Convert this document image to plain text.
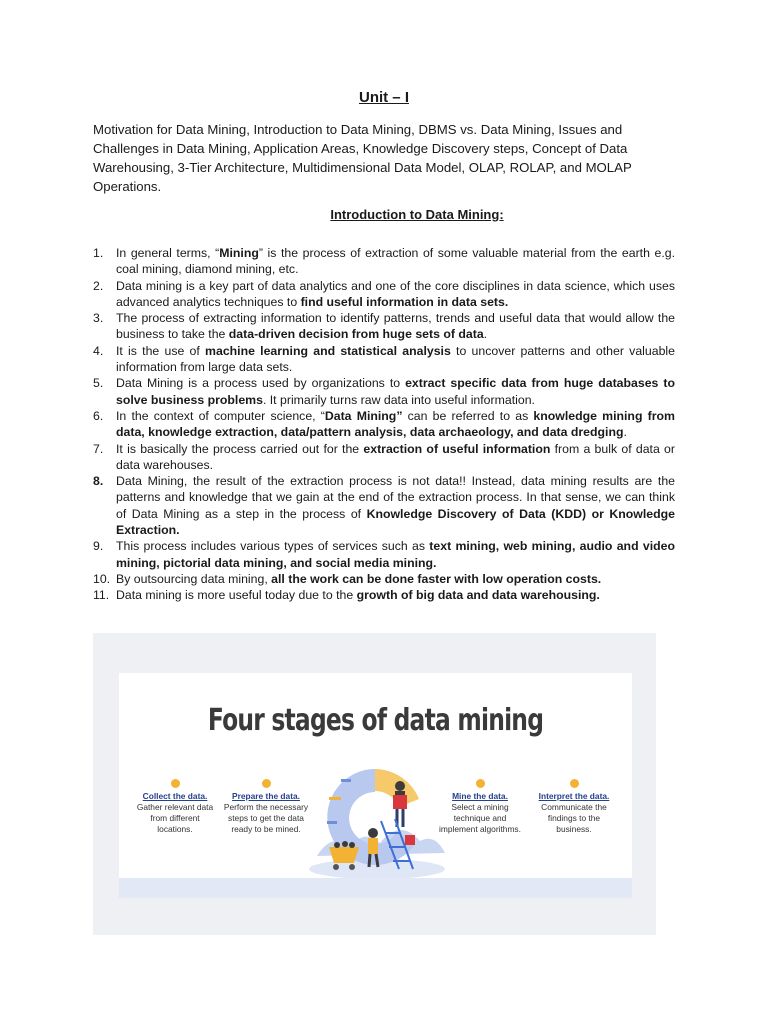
Unit – I

Motivation for Data Mining, Introduction to Data Mining, DBMS vs. Data Mining, Issues and Challenges in Data Mining, Application Areas, Knowledge Discovery steps, Concept of Data Warehousing, 3-Tier Architecture, Multidimensional Data Model, OLAP, ROLAP, and MOLAP Operations.

Introduction to Data Mining:
1. In general terms, “Mining” is the process of extraction of some valuable material from the earth e.g. coal mining, diamond mining, etc.
2. Data mining is a key part of data analytics and one of the core disciplines in data science, which uses advanced analytics techniques to find useful information in data sets.
3. The process of extracting information to identify patterns, trends and useful data that would allow the business to take the data-driven decision from huge sets of data.
4. It is the use of machine learning and statistical analysis to uncover patterns and other valuable information from large data sets.
5. Data Mining is a process used by organizations to extract specific data from huge databases to solve business problems. It primarily turns raw data into useful information.
6. In the context of computer science, “Data Mining” can be referred to as knowledge mining from data, knowledge extraction, data/pattern analysis, data archaeology, and data dredging.
7. It is basically the process carried out for the extraction of useful information from a bulk of data or data warehouses.
8. Data Mining, the result of the extraction process is not data!! Instead, data mining results are the patterns and knowledge that we gain at the end of the extraction process. In that sense, we can think of Data Mining as a step in the process of Knowledge Discovery of Data (KDD) or Knowledge Extraction.
9. This process includes various types of services such as text mining, web mining, audio and video mining, pictorial data mining, and social media mining.
10. By outsourcing data mining, all the work can be done faster with low operation costs.
11. Data mining is more useful today due to the growth of big data and data warehousing.
Four stages of data mining
Collect the data.
Gather relevant data from different locations.
Prepare the data.
Perform the necessary steps to get the data ready to be mined.
Mine the data.
Select a mining technique and implement algorithms.
Interpret the data.
Communicate the findings to the business.
